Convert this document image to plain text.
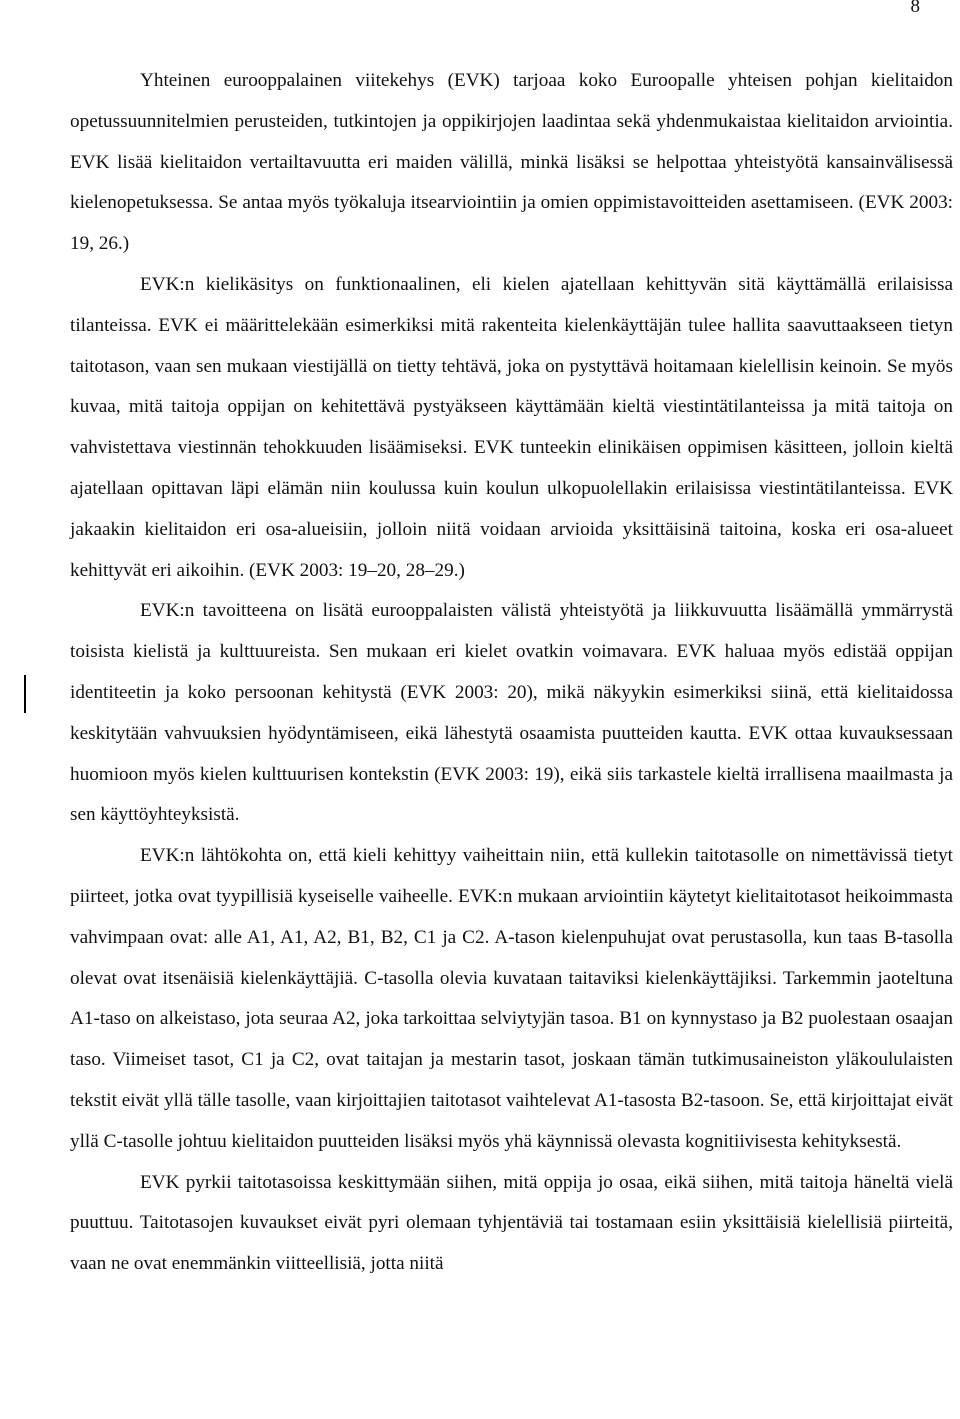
8

Yhteinen eurooppalainen viitekehys (EVK) tarjoaa koko Euroopalle yhteisen pohjan kielitaidon opetussuunnitelmien perusteiden, tutkintojen ja oppikirjojen laadintaa sekä yhdenmukaistaa kielitaidon arviointia. EVK lisää kielitaidon vertailtavuutta eri maiden välillä, minkä lisäksi se helpottaa yhteistyötä kansainvälisessä kielenopetuksessa. Se antaa myös työkaluja itsearviointiin ja omien oppimistavoitteiden asettamiseen. (EVK 2003: 19, 26.)

EVK:n kielikäsitys on funktionaalinen, eli kielen ajatellaan kehittyvän sitä käyttämällä erilaisissa tilanteissa. EVK ei määrittelekään esimerkiksi mitä rakenteita kielenkäyttäjän tulee hallita saavuttaakseen tietyn taitotason, vaan sen mukaan viestijällä on tietty tehtävä, joka on pystyttävä hoitamaan kielellisin keinoin. Se myös kuvaa, mitä taitoja oppijan on kehitettävä pystyäkseen käyttämään kieltä viestintätilanteissa ja mitä taitoja on vahvistettava viestinnän tehokkuuden lisäämiseksi. EVK tunteekin elinikäisen oppimisen käsitteen, jolloin kieltä ajatellaan opittavan läpi elämän niin koulussa kuin koulun ulkopuolellakin erilaisissa viestintätilanteissa. EVK jakaakin kielitaidon eri osa-alueisiin, jolloin niitä voidaan arvioida yksittäisinä taitoina, koska eri osa-alueet kehittyvät eri aikoihin. (EVK 2003: 19–20, 28–29.)

EVK:n tavoitteena on lisätä eurooppalaisten välistä yhteistyötä ja liikkuvuutta lisäämällä ymmärrystä toisista kielistä ja kulttuureista. Sen mukaan eri kielet ovatkin voimavara. EVK haluaa myös edistää oppijan identiteetin ja koko persoonan kehitystä (EVK 2003: 20), mikä näkyykin esimerkiksi siinä, että kielitaidossa keskitytään vahvuuksien hyödyntämiseen, eikä lähestytä osaamista puutteiden kautta. EVK ottaa kuvauksessaan huomioon myös kielen kulttuurisen kontekstin (EVK 2003: 19), eikä siis tarkastele kieltä irrallisena maailmasta ja sen käyttöyhteyksistä.

EVK:n lähtökohta on, että kieli kehittyy vaiheittain niin, että kullekin taitotasolle on nimettävissä tietyt piirteet, jotka ovat tyypillisiä kyseiselle vaiheelle. EVK:n mukaan arviointiin käytetyt kielitaitotasot heikoimmasta vahvimpaan ovat: alle A1, A1, A2, B1, B2, C1 ja C2. A-tason kielenpuhujat ovat perustasolla, kun taas B-tasolla olevat ovat itsenäisiä kielenkäyttäjiä. C-tasolla olevia kuvataan taitaviksi kielenkäyttäjiksi. Tarkemmin jaoteltuna A1-taso on alkeistaso, jota seuraa A2, joka tarkoittaa selviytyjän tasoa. B1 on kynnystaso ja B2 puolestaan osaajan taso. Viimeiset tasot, C1 ja C2, ovat taitajan ja mestarin tasot, joskaan tämän tutkimusaineiston yläkoululaisten tekstit eivät yllä tälle tasolle, vaan kirjoittajien taitotasot vaihtelevat A1-tasosta B2-tasoon. Se, että kirjoittajat eivät yllä C-tasolle johtuu kielitaidon puutteiden lisäksi myös yhä käynnissä olevasta kognitiivisesta kehityksestä.

EVK pyrkii taitotasoissa keskittymään siihen, mitä oppija jo osaa, eikä siihen, mitä taitoja häneltä vielä puuttuu. Taitotasojen kuvaukset eivät pyri olemaan tyhjentäviä tai tostamaan esiin yksittäisiä kielellisiä piirteitä, vaan ne ovat enemmänkin viitteellisiä, jotta niitä
